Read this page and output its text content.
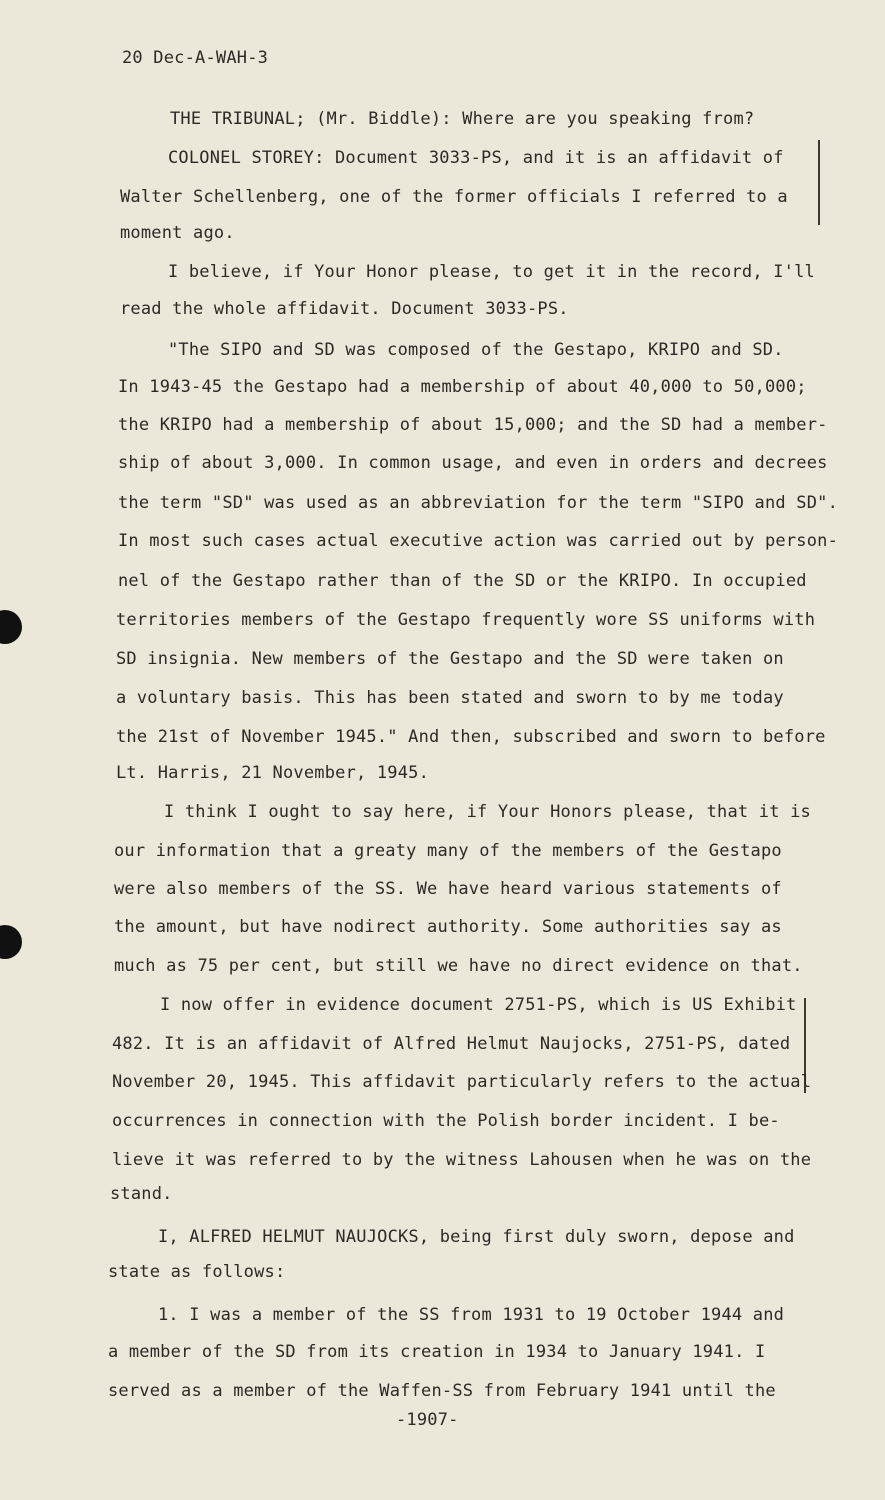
20 Dec-A-WAH-3
THE TRIBUNAL; (Mr. Biddle): Where are you speaking from?
COLONEL STOREY: Document 3033-PS, and it is an affidavit of
Walter Schellenberg, one of the former officials I referred to a
moment ago.
I believe, if Your Honor please, to get it in the record, I'll
read the whole affidavit. Document 3033-PS.
"The SIPO and SD was composed of the Gestapo, KRIPO and SD.
In 1943-45 the Gestapo had a membership of about 40,000 to 50,000;
the KRIPO had a membership of about 15,000; and the SD had a member-
ship of about 3,000. In common usage, and even in orders and decrees
the term "SD" was used as an abbreviation for the term "SIPO and SD".
In most such cases actual executive action was carried out by person-
nel of the Gestapo rather than of the SD or the KRIPO. In occupied
territories members of the Gestapo frequently wore SS uniforms with
SD insignia. New members of the Gestapo and the SD were taken on
a voluntary basis. This has been stated and sworn to by me today
the 21st of November 1945." And then, subscribed and sworn to before
Lt. Harris, 21 November, 1945.
I think I ought to say here, if Your Honors please, that it is
our information that a greaty many of the members of the Gestapo
were also members of the SS. We have heard various statements of
the amount, but have nodirect authority. Some authorities say as
much as 75 per cent, but still we have no direct evidence on that.
I now offer in evidence document 2751-PS, which is US Exhibit
482. It is an affidavit of Alfred Helmut Naujocks, 2751-PS, dated
November 20, 1945. This affidavit particularly refers to the actual
occurrences in connection with the Polish border incident. I be-
lieve it was referred to by the witness Lahousen when he was on the
stand.
I, ALFRED HELMUT NAUJOCKS, being first duly sworn, depose and
state as follows:
1. I was a member of the SS from 1931 to 19 October 1944 and
a member of the SD from its creation in 1934 to January 1941. I
served as a member of the Waffen-SS from February 1941 until the
-1907-
